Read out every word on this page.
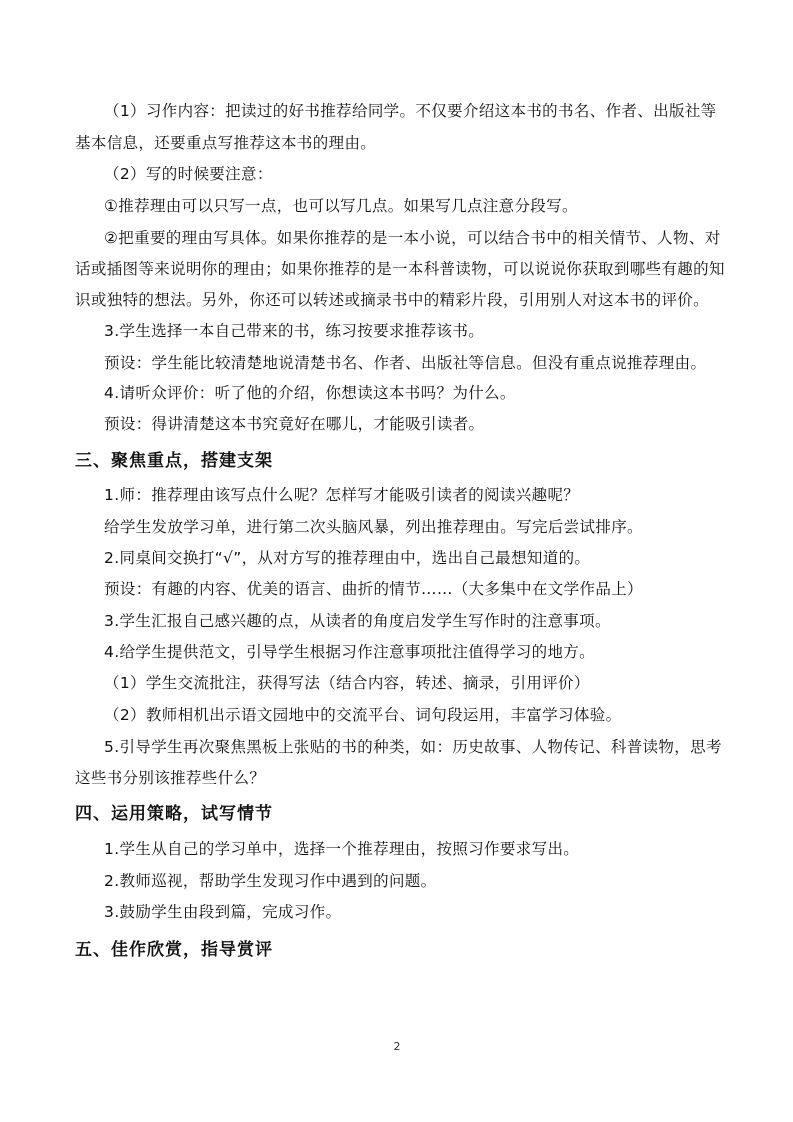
（1）习作内容：把读过的好书推荐给同学。不仅要介绍这本书的书名、作者、出版社等
基本信息，还要重点写推荐这本书的理由。
（2）写的时候要注意：
①推荐理由可以只写一点，也可以写几点。如果写几点注意分段写。
②把重要的理由写具体。如果你推荐的是一本小说，可以结合书中的相关情节、人物、对
话或插图等来说明你的理由；如果你推荐的是一本科普读物，可以说说你获取到哪些有趣的知
识或独特的想法。另外，你还可以转述或摘录书中的精彩片段，引用别人对这本书的评价。
3.学生选择一本自己带来的书，练习按要求推荐该书。
预设：学生能比较清楚地说清楚书名、作者、出版社等信息。但没有重点说推荐理由。
4.请听众评价：听了他的介绍，你想读这本书吗？为什么。
预设：得讲清楚这本书究竟好在哪儿，才能吸引读者。
三、聚焦重点，搭建支架
1.师：推荐理由该写点什么呢？怎样写才能吸引读者的阅读兴趣呢？
给学生发放学习单，进行第二次头脑风暴，列出推荐理由。写完后尝试排序。
2.同桌间交换打“√”，从对方写的推荐理由中，选出自己最想知道的。
预设：有趣的内容、优美的语言、曲折的情节……（大多集中在文学作品上）
3.学生汇报自己感兴趣的点，从读者的角度启发学生写作时的注意事项。
4.给学生提供范文，引导学生根据习作注意事项批注值得学习的地方。
（1）学生交流批注，获得写法（结合内容，转述、摘录，引用评价）
（2）教师相机出示语文园地中的交流平台、词句段运用，丰富学习体验。
5.引导学生再次聚焦黑板上张贴的书的种类，如：历史故事、人物传记、科普读物，思考
这些书分别该推荐些什么？
四、运用策略，试写情节
1.学生从自己的学习单中，选择一个推荐理由，按照习作要求写出。
2.教师巡视，帮助学生发现习作中遇到的问题。
3.鼓励学生由段到篇，完成习作。
五、佳作欣赏，指导赏评
2
